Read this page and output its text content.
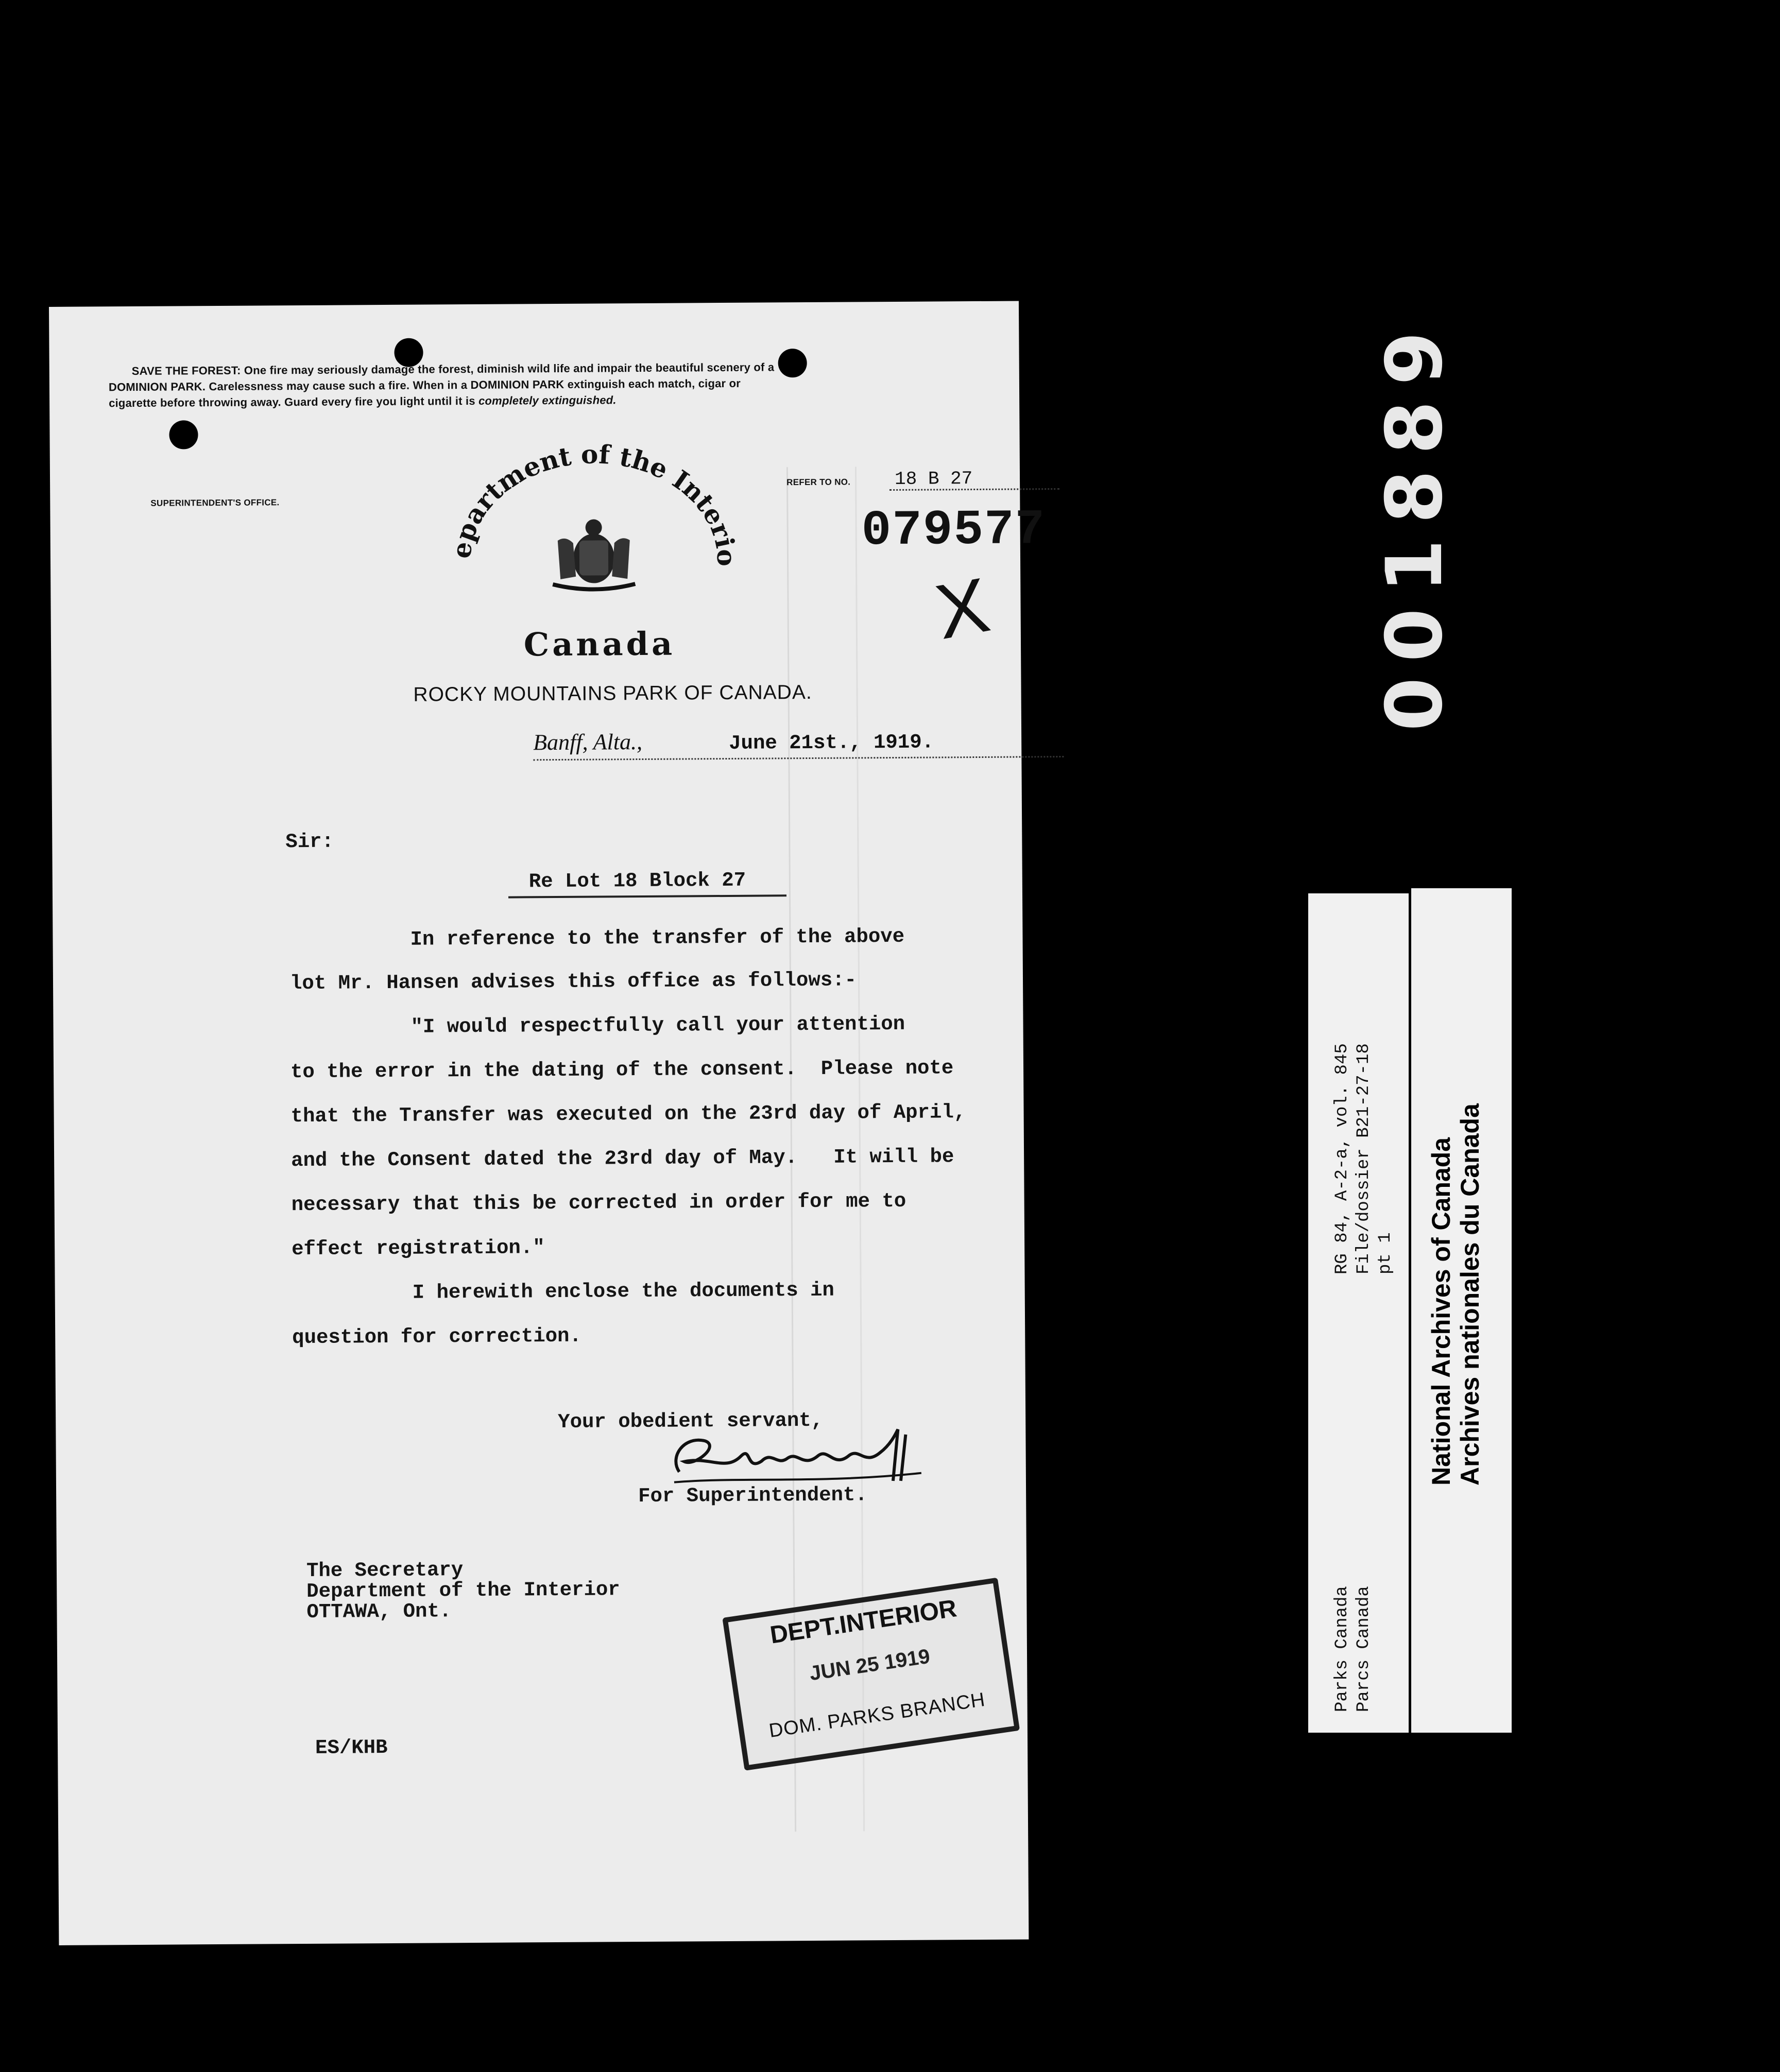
SAVE THE FOREST: One fire may seriously damage the forest, diminish wild life and impair the beautiful scenery of a
DOMINION PARK. Carelessness may cause such a fire. When in a DOMINION PARK extinguish each match, cigar or
cigarette before throwing away. Guard every fire you light until it is completely extinguished.
SUPERINTENDENT'S OFFICE.
Department of the Interior
Canada
ROCKY MOUNTAINS PARK OF CANADA.
REFER TO NO. 18 B 27
079577
X
Banff, Alta.,	June 21st., 1919.
Sir:
Re Lot 18 Block 27
In reference to the transfer of the above
lot Mr. Hansen advises this office as follows:-
"I would respectfully call your attention
to the error in the dating of the consent.  Please note
that the Transfer was executed on the 23rd day of April,
and the Consent dated the 23rd day of May.   It will be
necessary that this be corrected in order for me to
effect registration."
I herewith enclose the documents in
question for correction.
Your obedient servant,
For Superintendent.
The Secretary
Department of the Interior
OTTAWA, Ont.
ES/KHB
DEPT.INTERIOR
JUN 25 1919
DOM. PARKS BRANCH
001889
RG 84, A-2-a, vol. 845 File/dossier B21-27-18 pt 1
Parks Canada Parcs Canada
National Archives of Canada Archives nationales du Canada
